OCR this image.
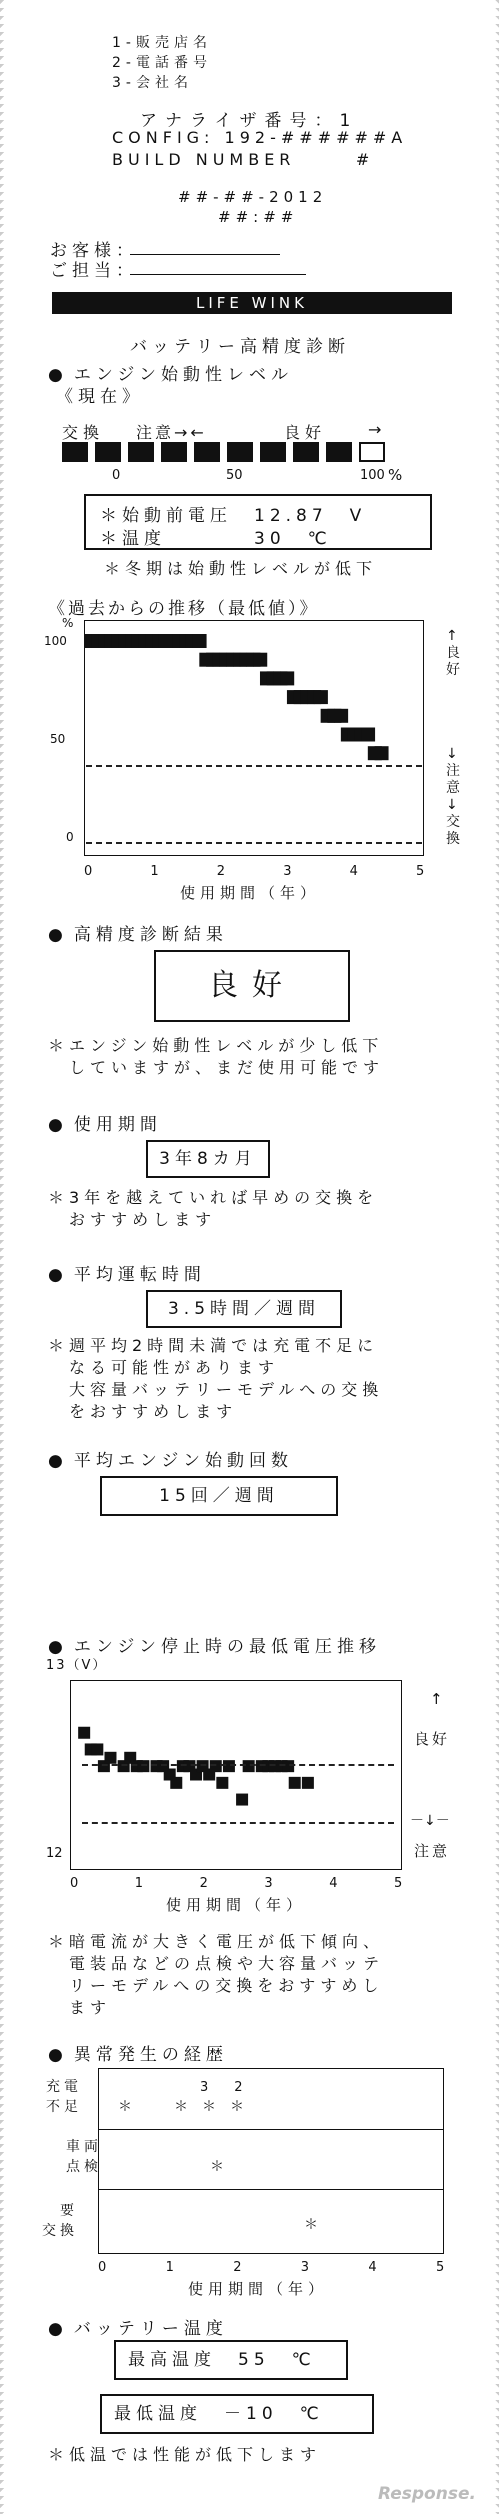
1-販売店名
2-電話番号
3-会社名
アナライザ番号：1
CONFIG: 192-######A
BUILD NUMBER      #
##-##-2012
##:##
お客様：
ご担当：
LIFE WINK
バッテリー高精度診断
● エンジン始動性レベル
《現在》
交換 注意→←	良好	→
0	50	100 %
＊始動前電圧　12.87　V
＊温度　　　　30　℃
＊冬期は始動性レベルが低下
《過去からの推移（最低値）》
%
100
50
0
↑良好
↓注意↓交換
0	1	2	3	4	5
使用期間（年）
● 高精度診断結果
良好
＊エンジン始動性レベルが少し低下
　していますが、まだ使用可能です
● 使用期間
3年8カ月
＊3年を越えていれば早めの交換を
　おすすめします
● 平均運転時間
3.5時間／週間
＊週平均2時間未満では充電不足に
　なる可能性があります
　大容量バッテリーモデルへの交換
　をおすすめします
● 平均エンジン始動回数
15回／週間
● エンジン停止時の最低電圧推移
13（V）
12
↑
良好
－↓－
注意
0	1	2	3	4	5
使用期間（年）
＊暗電流が大きく電圧が低下傾向、
　電装品などの点検や大容量バッテ
　リーモデルへの交換をおすすめし
　ます
● 異常発生の経歴
充電
不足
車両
点検
要
交換
3　　2
＊　　　＊　＊　＊
＊
＊
0	1	2	3	4	5
使用期間（年）
● バッテリー温度
最高温度　55　℃
最低温度　－10　℃
＊低温では性能が低下します
Response.
